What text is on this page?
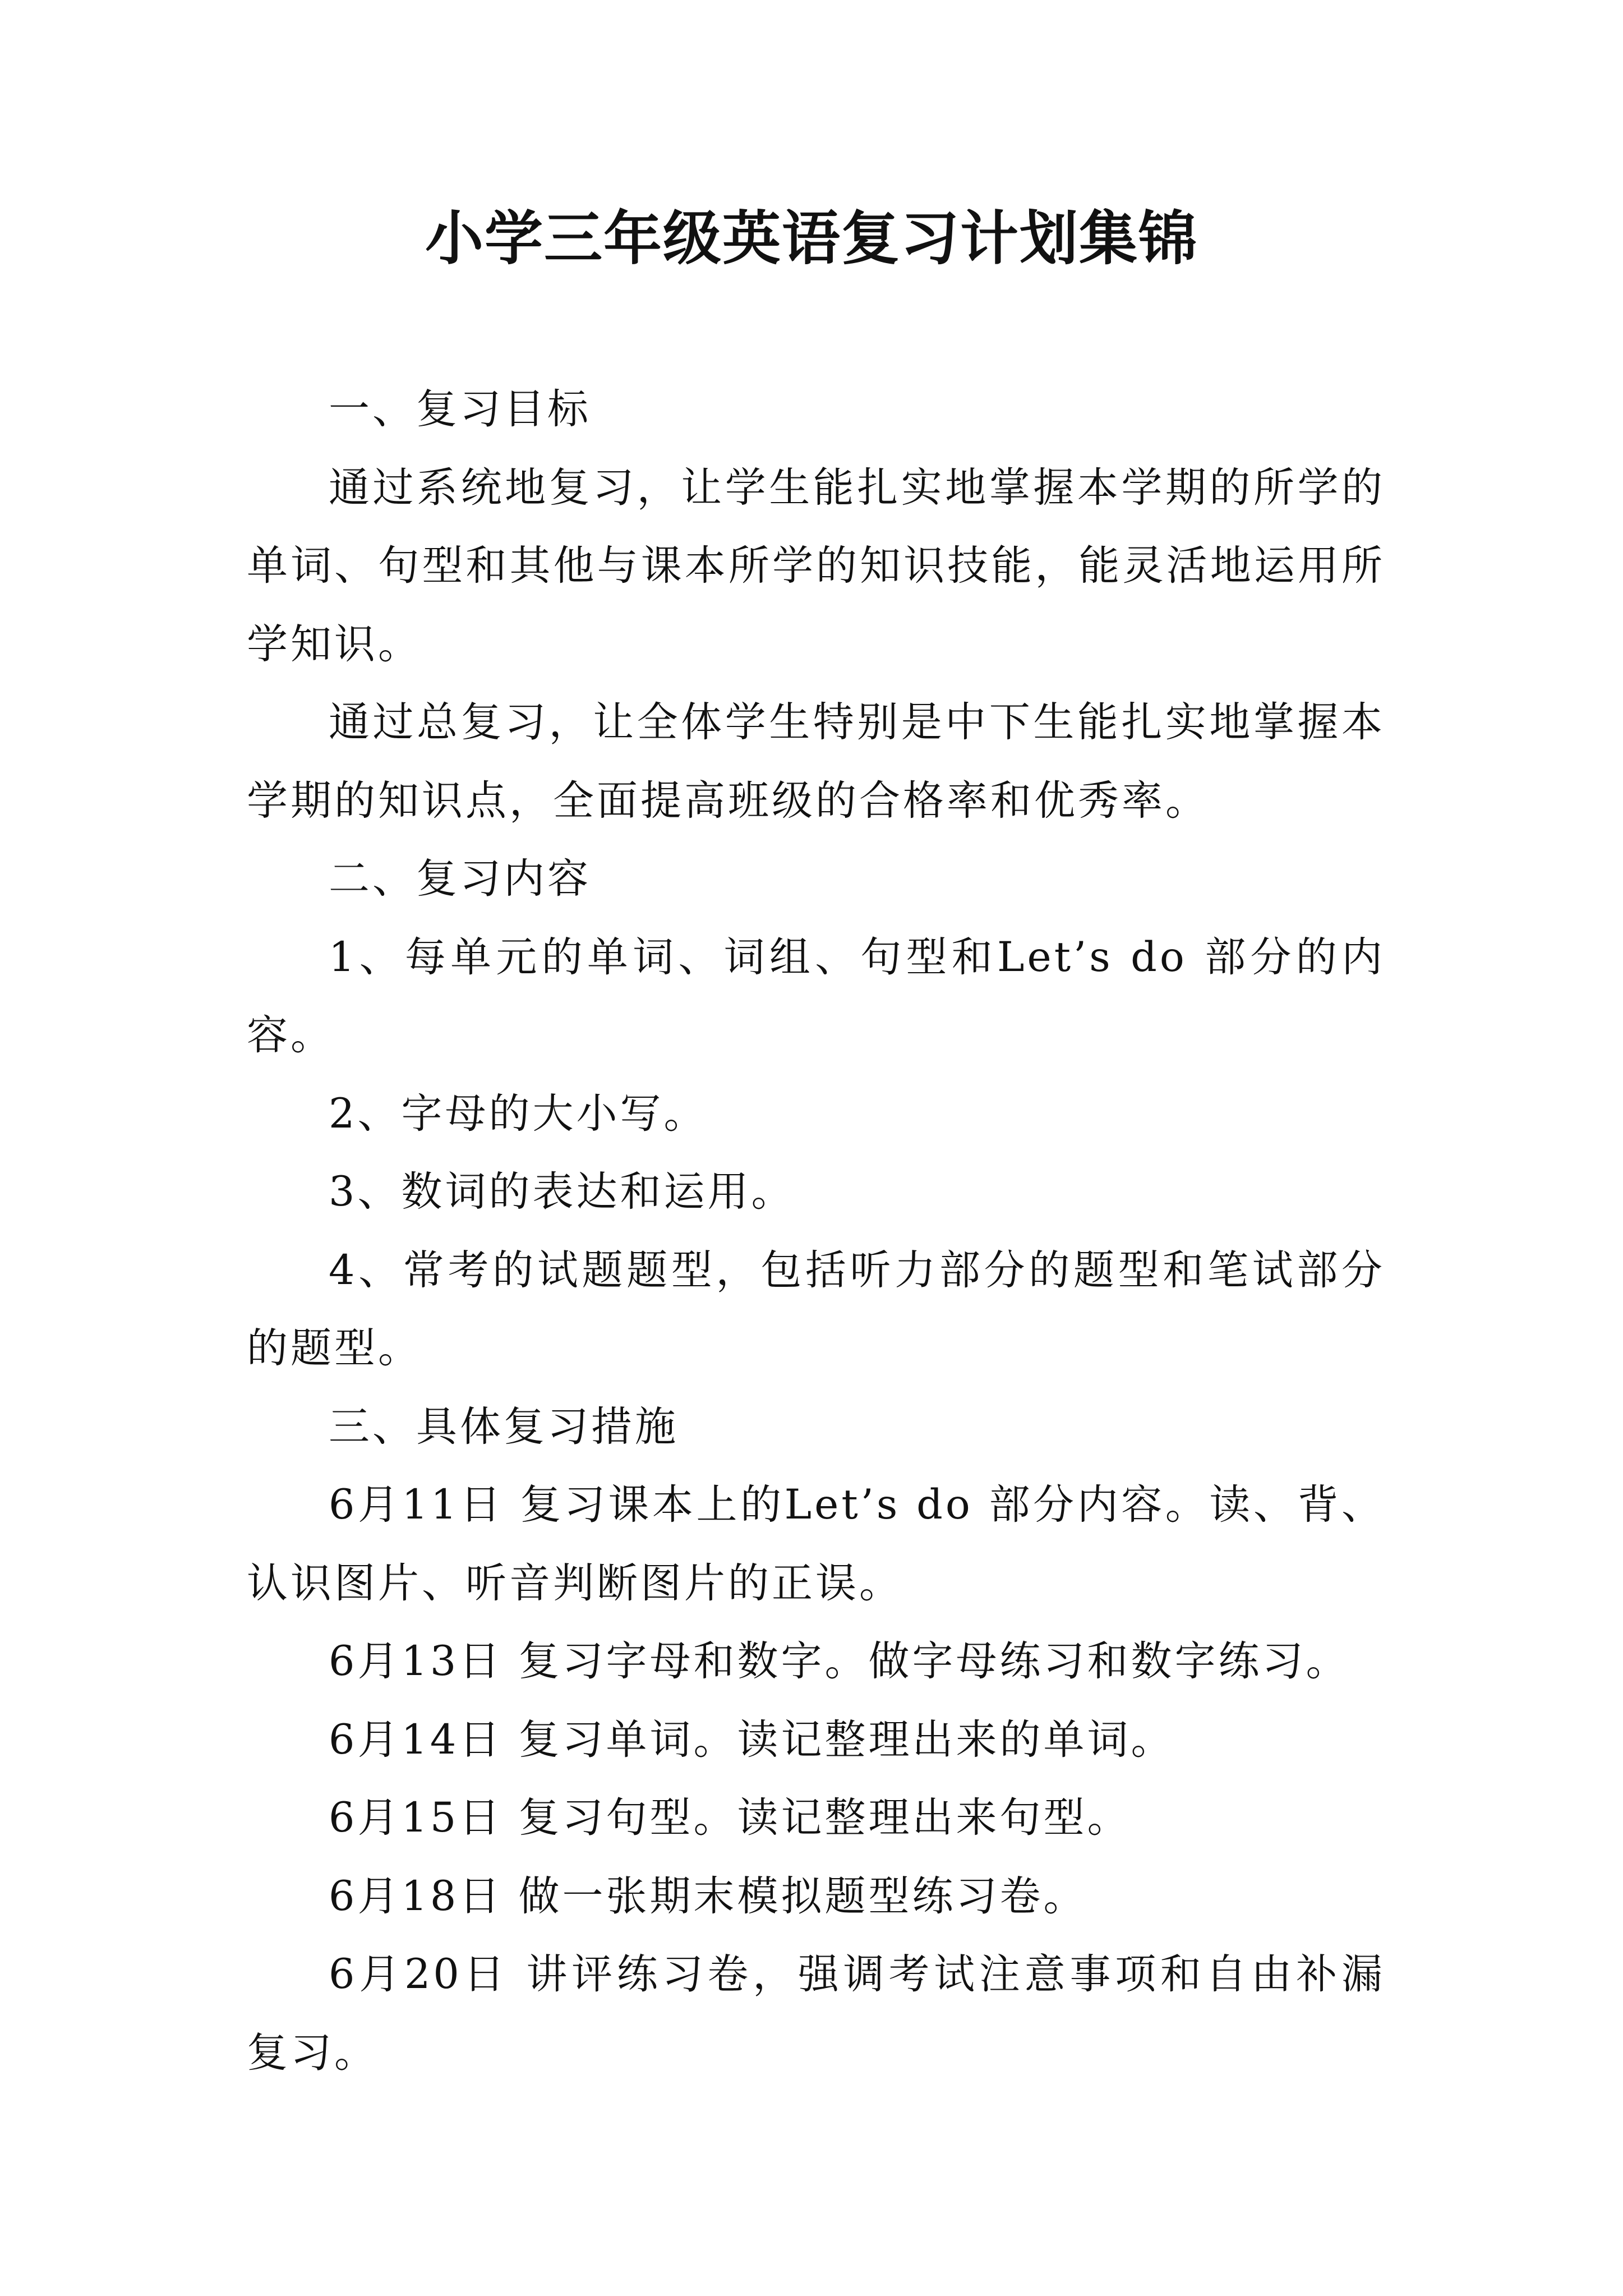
小学三年级英语复习计划集锦

一、复习目标

通过系统地复习，让学生能扎实地掌握本学期的所学的单词、句型和其他与课本所学的知识技能，能灵活地运用所学知识。

通过总复习，让全体学生特别是中下生能扎实地掌握本学期的知识点，全面提高班级的合格率和优秀率。

二、复习内容

1、每单元的单词、词组、句型和Let’s do 部分的内容。

2、字母的大小写。

3、数词的表达和运用。

4、常考的试题题型，包括听力部分的题型和笔试部分的题型。

三、具体复习措施

6月11日 复习课本上的Let’s do 部分内容。读、背、认识图片、听音判断图片的正误。

6月13日 复习字母和数字。做字母练习和数字练习。

6月14日 复习单词。读记整理出来的单词。

6月15日 复习句型。读记整理出来句型。

6月18日 做一张期末模拟题型练习卷。

6月20日 讲评练习卷，强调考试注意事项和自由补漏复习。
